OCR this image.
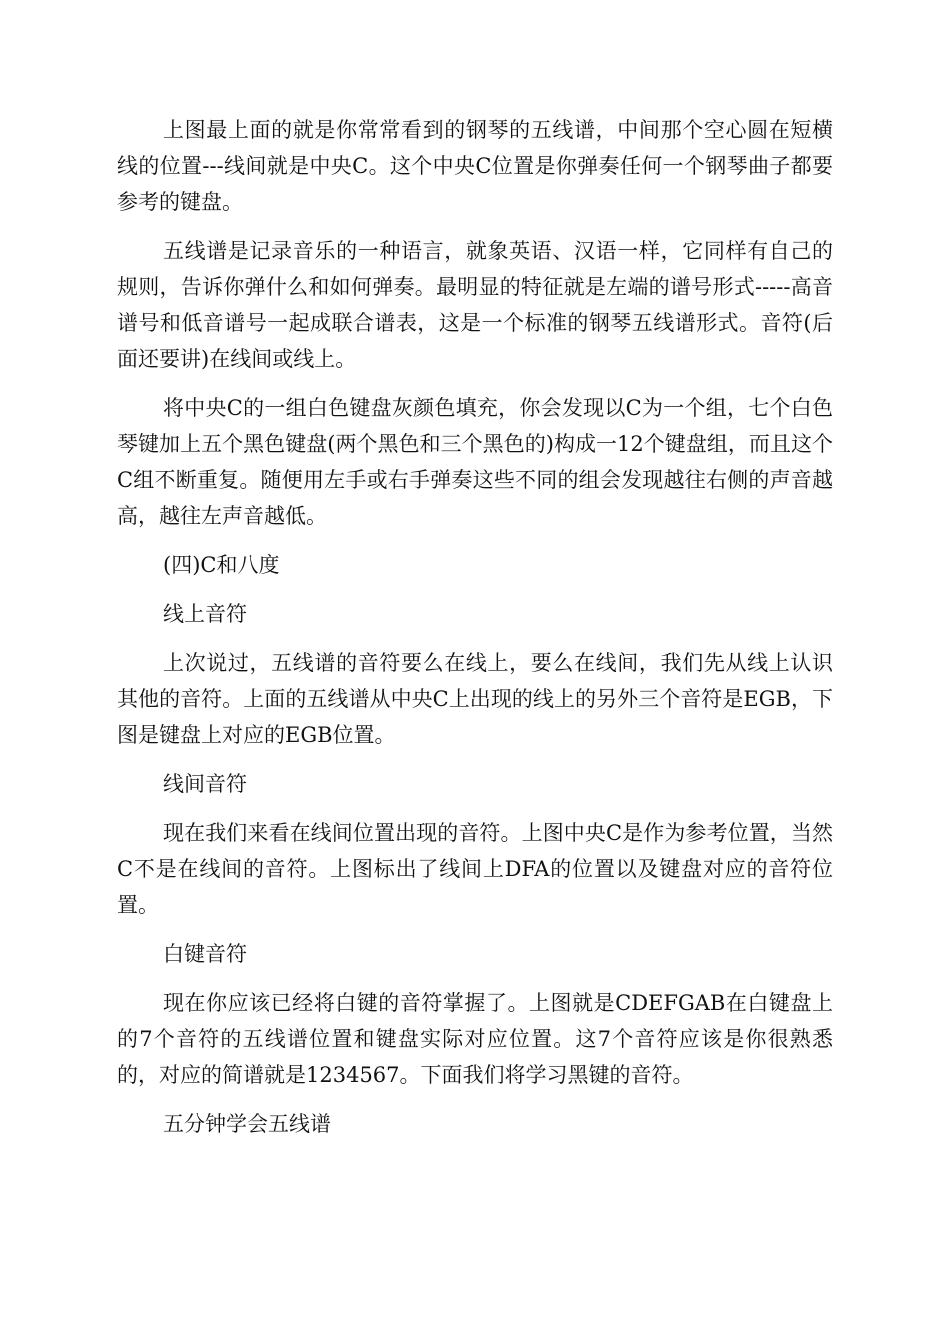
上图最上面的就是你常常看到的钢琴的五线谱，中间那个空心圆在短横线的位置---线间就是中央C。这个中央C位置是你弹奏任何一个钢琴曲子都要参考的键盘。

五线谱是记录音乐的一种语言，就象英语、汉语一样，它同样有自己的规则，告诉你弹什么和如何弹奏。最明显的特征就是左端的谱号形式-----高音谱号和低音谱号一起成联合谱表，这是一个标准的钢琴五线谱形式。音符(后面还要讲)在线间或线上。

将中央C的一组白色键盘灰颜色填充，你会发现以C为一个组，七个白色琴键加上五个黑色键盘(两个黑色和三个黑色的)构成一12个键盘组，而且这个C组不断重复。随便用左手或右手弹奏这些不同的组会发现越往右侧的声音越高，越往左声音越低。

(四)C和八度

线上音符

上次说过，五线谱的音符要么在线上，要么在线间，我们先从线上认识其他的音符。上面的五线谱从中央C上出现的线上的另外三个音符是EGB，下图是键盘上对应的EGB位置。

线间音符

现在我们来看在线间位置出现的音符。上图中央C是作为参考位置，当然C不是在线间的音符。上图标出了线间上DFA的位置以及键盘对应的音符位置。

白键音符

现在你应该已经将白键的音符掌握了。上图就是CDEFGAB在白键盘上的7个音符的五线谱位置和键盘实际对应位置。这7个音符应该是你很熟悉的，对应的简谱就是1234567。下面我们将学习黑键的音符。

五分钟学会五线谱
